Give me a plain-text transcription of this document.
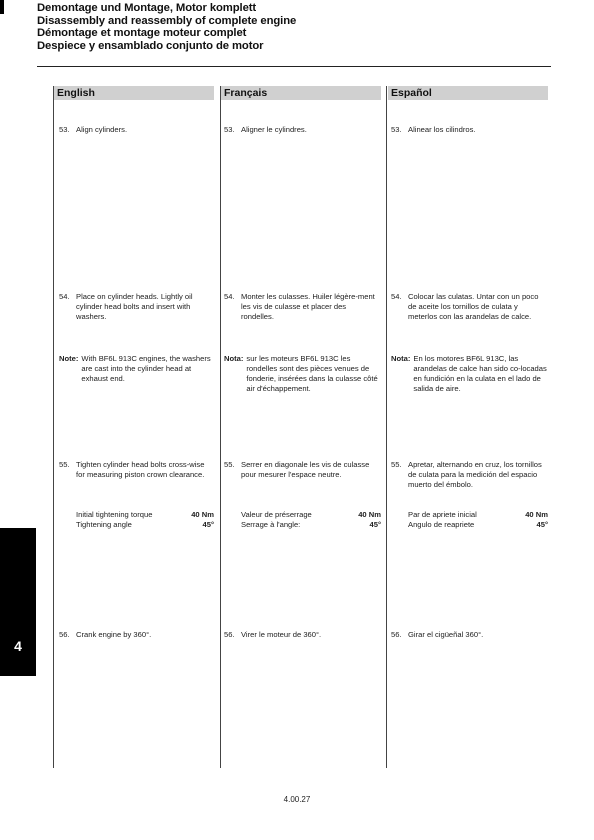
Demontage und Montage, Motor komplett
Disassembly and reassembly of complete engine
Démontage et montage moteur complet
Despiece y ensamblado conjunto de motor
English	Français	Español
53. Align cylinders.
54. Place on cylinder heads. Lightly oil cylinder head bolts and insert with washers.
Note: With BF6L 913C engines, the washers are cast into the cylinder head at exhaust end.
55. Tighten cylinder head bolts cross-wise for measuring piston crown clearance.
Initial tightening torque	40 Nm
Tightening angle	45°
56. Crank engine by 360°.
53. Aligner le cylindres.
54. Monter les culasses. Huiler légère-ment les vis de culasse et placer des rondelles.
Nota: sur les moteurs BF6L 913C les rondelles sont des pièces venues de fonderie, insérées dans la culasse côté air d'échappement.
55. Serrer en diagonale les vis de culasse pour mesurer l'espace neutre.
Valeur de préserrage	40 Nm
Serrage à l'angle:	45°
56. Virer le moteur de 360°.
53. Alinear los cilindros.
54. Colocar las culatas. Untar con un poco de aceite los tornillos de culata y meterlos con las arandelas de calce.
Nota: En los motores BF6L 913C, las arandelas de calce han sido co-locadas en fundición en la culata en el lado de salida de aire.
55. Apretar, alternando en cruz, los tornillos de culata para la medición del espacio muerto del émbolo.
Par de apriete inicial	40 Nm
Angulo de reapriete	45°
56. Girar el cigüeñal 360°.
4
4.00.27
